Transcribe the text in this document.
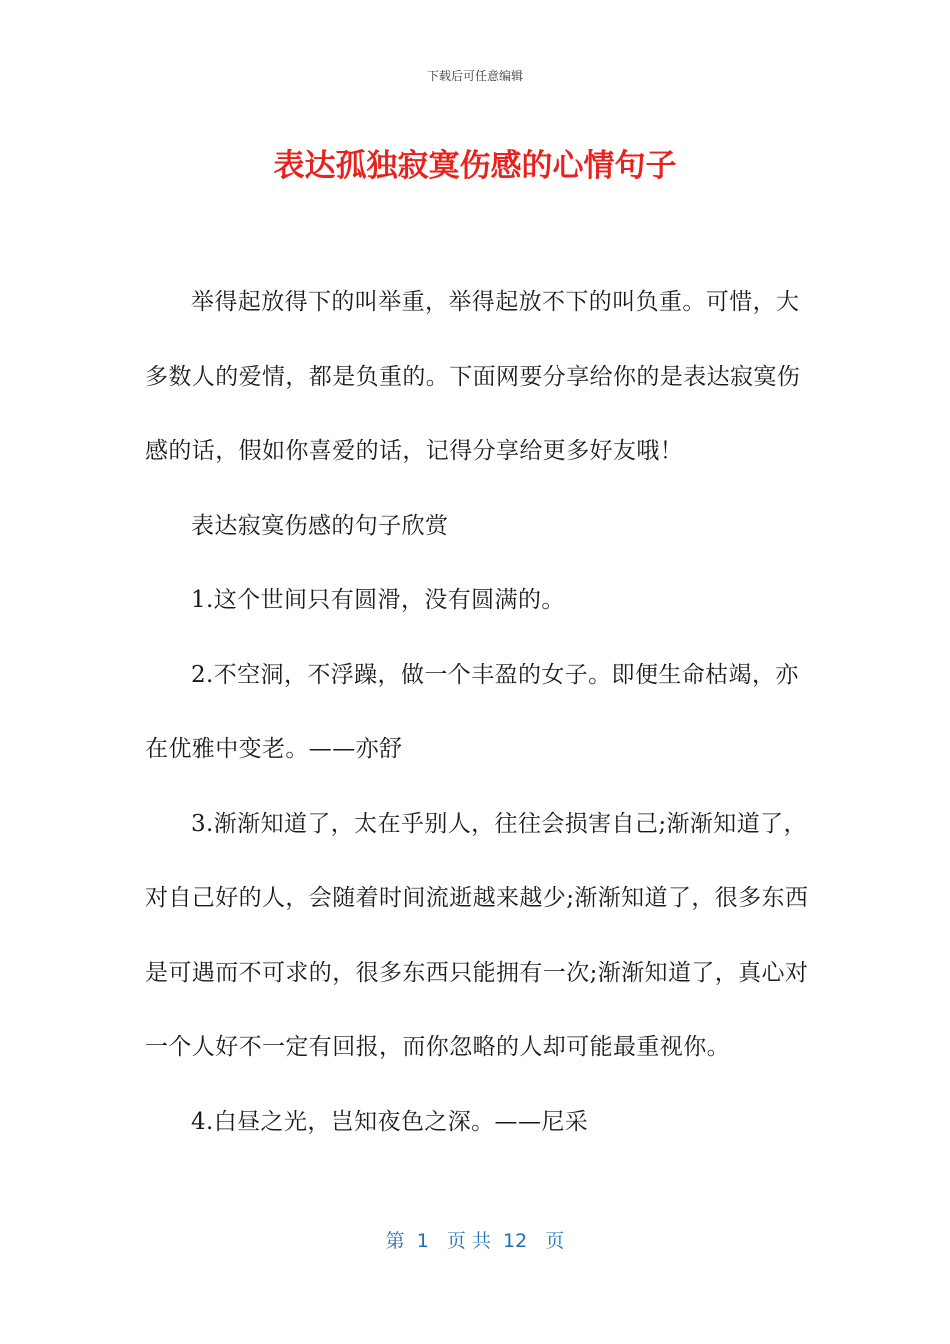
下载后可任意编辑
表达孤独寂寞伤感的心情句子

举得起放得下的叫举重，举得起放不下的叫负重。可惜，大多数人的爱情，都是负重的。下面网要分享给你的是表达寂寞伤感的话，假如你喜爱的话，记得分享给更多好友哦！

表达寂寞伤感的句子欣赏

1.这个世间只有圆滑，没有圆满的。

2.不空洞，不浮躁，做一个丰盈的女子。即便生命枯竭，亦在优雅中变老。——亦舒

3.渐渐知道了，太在乎别人，往往会损害自己;渐渐知道了，对自己好的人，会随着时间流逝越来越少;渐渐知道了，很多东西是可遇而不可求的，很多东西只能拥有一次;渐渐知道了，真心对一个人好不一定有回报，而你忽略的人却可能最重视你。

4.白昼之光，岂知夜色之深。——尼采

第  1   页 共  12   页
